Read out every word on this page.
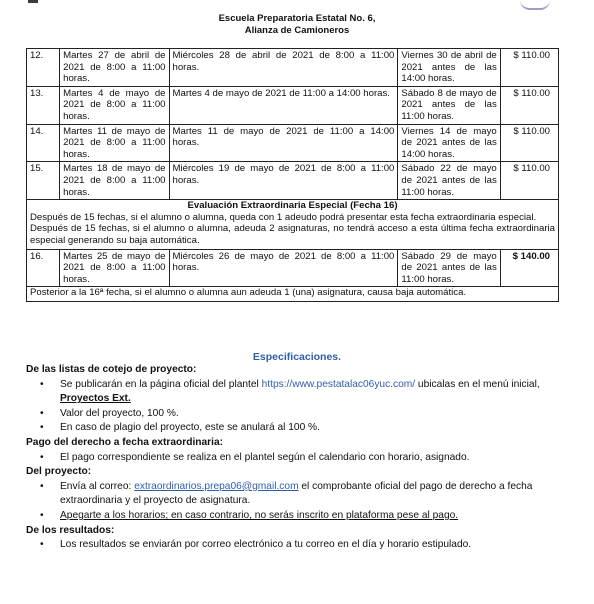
Escuela Preparatoria Estatal No. 6,
Alianza de Camioneros
12.	Martes 27 de abril de 2021 de 8:00 a 11:00 horas.	Miércoles 28 de abril de 2021 de 8:00 a 11:00 horas.	Viernes 30 de abril de 2021 antes de las 14:00 horas.	$ 110.00
13.	Martes 4 de mayo de 2021 de 8:00 a 11:00 horas.	Martes 4 de mayo de 2021 de 11:00 a 14:00 horas.	Sábado 8 de mayo de 2021 antes de las 11:00 horas.	$ 110.00
14.	Martes 11 de mayo de 2021 de 8:00 a 11:00 horas.	Martes 11 de mayo de 2021 de 11:00 a 14:00 horas.	Viernes 14 de mayo de 2021 antes de las 14:00 horas.	$ 110.00
15.	Martes 18 de mayo de 2021 de 8:00 a 11:00 horas.	Miércoles 19 de mayo de 2021 de 8:00 a 11:00 horas.	Sábado 22 de mayo de 2021 antes de las 11:00 horas.	$ 110.00

Evaluación Extraordinaria Especial (Fecha 16)

Después de 15 fechas, si el alumno o alumna, queda con 1 adeudo podrá presentar esta fecha extraordinaria especial.

Después de 15 fechas, si el alumno o alumna, adeuda 2 asignaturas, no tendrá acceso a esta última fecha extraordinaria especial generando su baja automática.				

16.	Martes 25 de mayo de 2021 de 8:00 a 11:00 horas.	Miércoles 26 de mayo de 2021 de 8:00 a 11:00 horas.	Sábado 29 de mayo de 2021 antes de las 11:00 horas.	$ 140.00
Posterior a la 16ª fecha, si el alumno o alumna aun adeuda 1 (una) asignatura, causa baja automática.				
Especificaciones.
De las listas de cotejo de proyecto:
• Se publicarán en la página oficial del plantel https://www.pestatalac06yuc.com/ ubicalas en el menú inicial, Proyectos Ext.
• Valor del proyecto, 100 %.
• En caso de plagio del proyecto, este se anulará al 100 %.
Pago del derecho a fecha extraordinaria:
• El pago correspondiente se realiza en el plantel según el calendario con horario, asignado.
Del proyecto:
• Envía al correo: extraordinarios.prepa06@gmail.com el comprobante oficial del pago de derecho a fecha extraordinaria y el proyecto de asignatura.
• Apegarte a los horarios; en caso contrario, no serás inscrito en plataforma pese al pago.
De los resultados:
• Los resultados se enviarán por correo electrónico a tu correo en el día y horario estipulado.
